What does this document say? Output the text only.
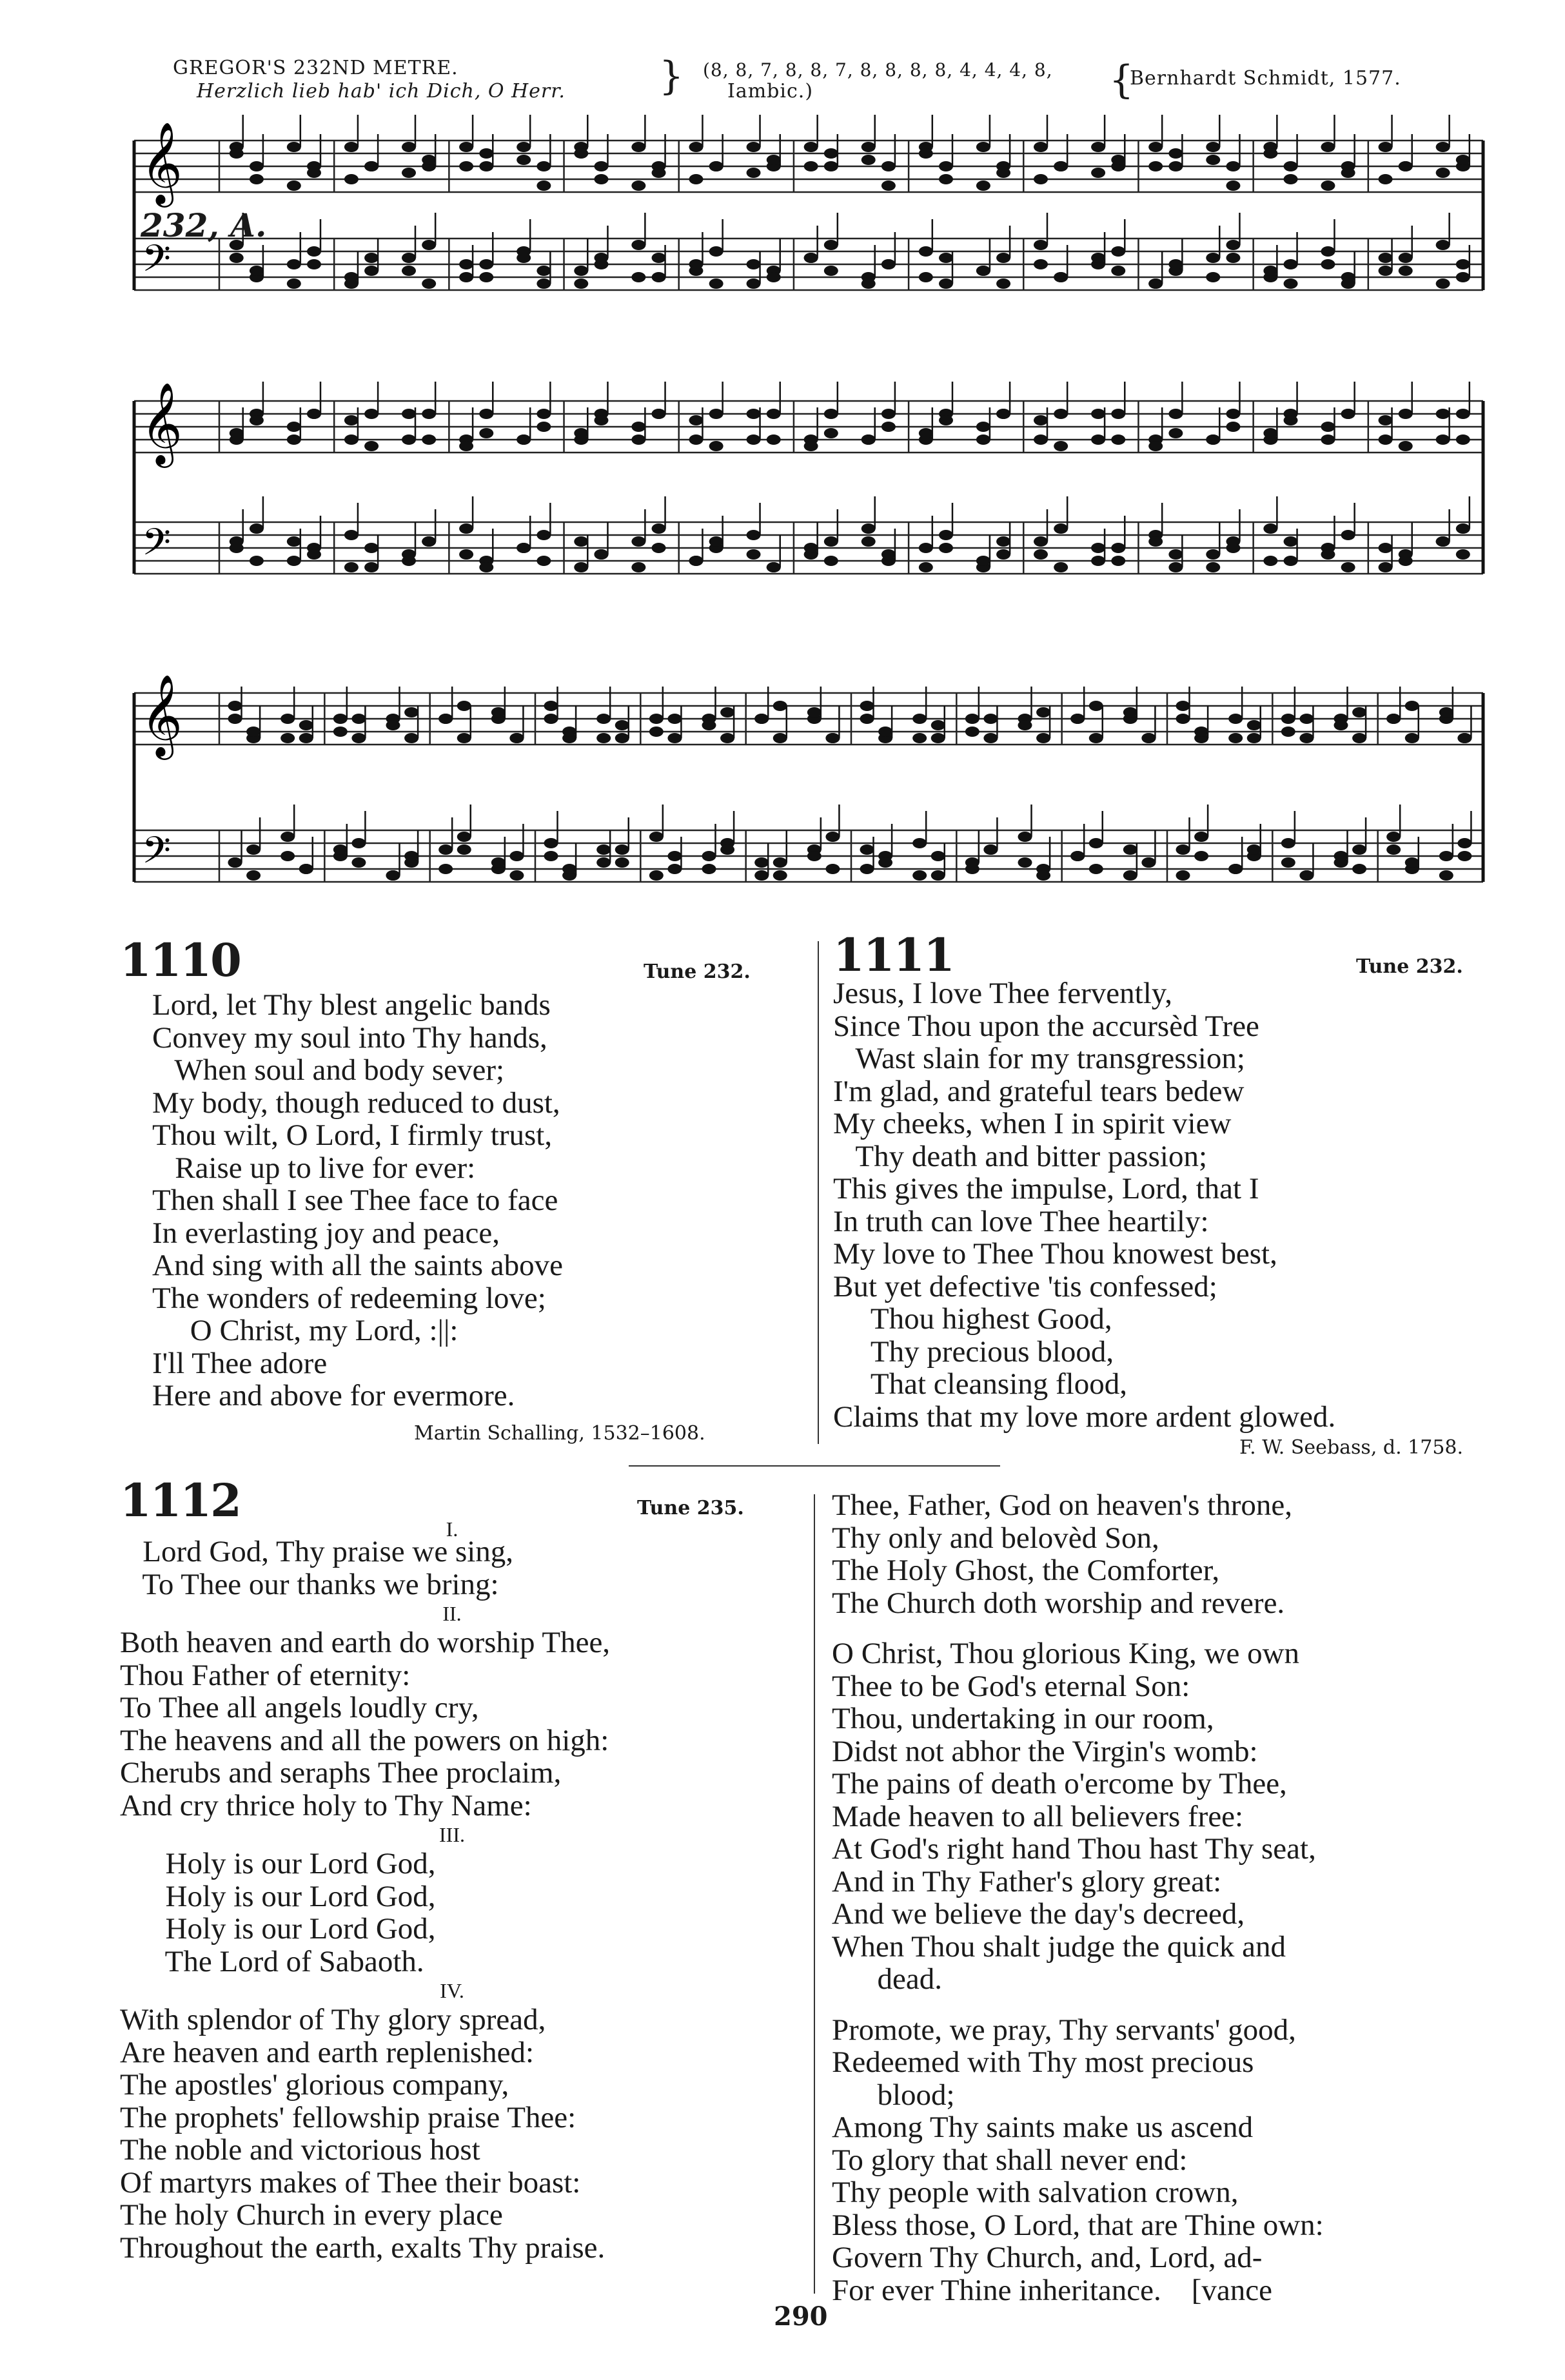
GREGOR'S 232ND METRE.
Herzlich lieb hab' ich Dich, O Herr. } (8, 8, 7, 8, 8, 7, 8, 8, 8, 8, 4, 4, 4, 8,
Iambic.)	{
Bernhardt Schmidt, 1577.
𝄞
𝄢
𝄞
𝄢
𝄞
𝄢
232, A.
1110	Tune 232.
Lord, let Thy blest angelic bands
Convey my soul into Thy hands,
When soul and body sever;
My body, though reduced to dust,
Thou wilt, O Lord, I firmly trust,
Raise up to live for ever:
Then shall I see Thee face to face
In everlasting joy and peace,
And sing with all the saints above
The wonders of redeeming love;
O Christ, my Lord, :||:
I'll Thee adore
Here and above for evermore.
Martin Schalling, 1532–1608.
1111	Tune 232.
Jesus, I love Thee fervently,
Since Thou upon the accursèd Tree
Wast slain for my transgression;
I'm glad, and grateful tears bedew
My cheeks, when I in spirit view
Thy death and bitter passion;
This gives the impulse, Lord, that I
In truth can love Thee heartily:
My love to Thee Thou knowest best,
But yet defective 'tis confessed;
Thou highest Good,
Thy precious blood,
That cleansing flood,
Claims that my love more ardent glowed.
F. W. Seebass, d. 1758.
1112	Tune 235.
I.
Lord God, Thy praise we sing,
To Thee our thanks we bring:
II.
Both heaven and earth do worship Thee,
Thou Father of eternity:
To Thee all angels loudly cry,
The heavens and all the powers on high:
Cherubs and seraphs Thee proclaim,
And cry thrice holy to Thy Name:
III.
Holy is our Lord God,
Holy is our Lord God,
Holy is our Lord God,
The Lord of Sabaoth.
IV.
With splendor of Thy glory spread,
Are heaven and earth replenished:
The apostles' glorious company,
The prophets' fellowship praise Thee:
The noble and victorious host
Of martyrs makes of Thee their boast:
The holy Church in every place
Throughout the earth, exalts Thy praise.
Thee, Father, God on heaven's throne,
Thy only and belovèd Son,
The Holy Ghost, the Comforter,
The Church doth worship and revere.
O Christ, Thou glorious King, we own
Thee to be God's eternal Son:
Thou, undertaking in our room,
Didst not abhor the Virgin's womb:
The pains of death o'ercome by Thee,
Made heaven to all believers free:
At God's right hand Thou hast Thy seat,
And in Thy Father's glory great:
And we believe the day's decreed,
When Thou shalt judge the quick and
dead.
Promote, we pray, Thy servants' good,
Redeemed with Thy most precious
blood;
Among Thy saints make us ascend
To glory that shall never end:
Thy people with salvation crown,
Bless those, O Lord, that are Thine own:
Govern Thy Church, and, Lord, ad-
For ever Thine inheritance.    [vance
290
